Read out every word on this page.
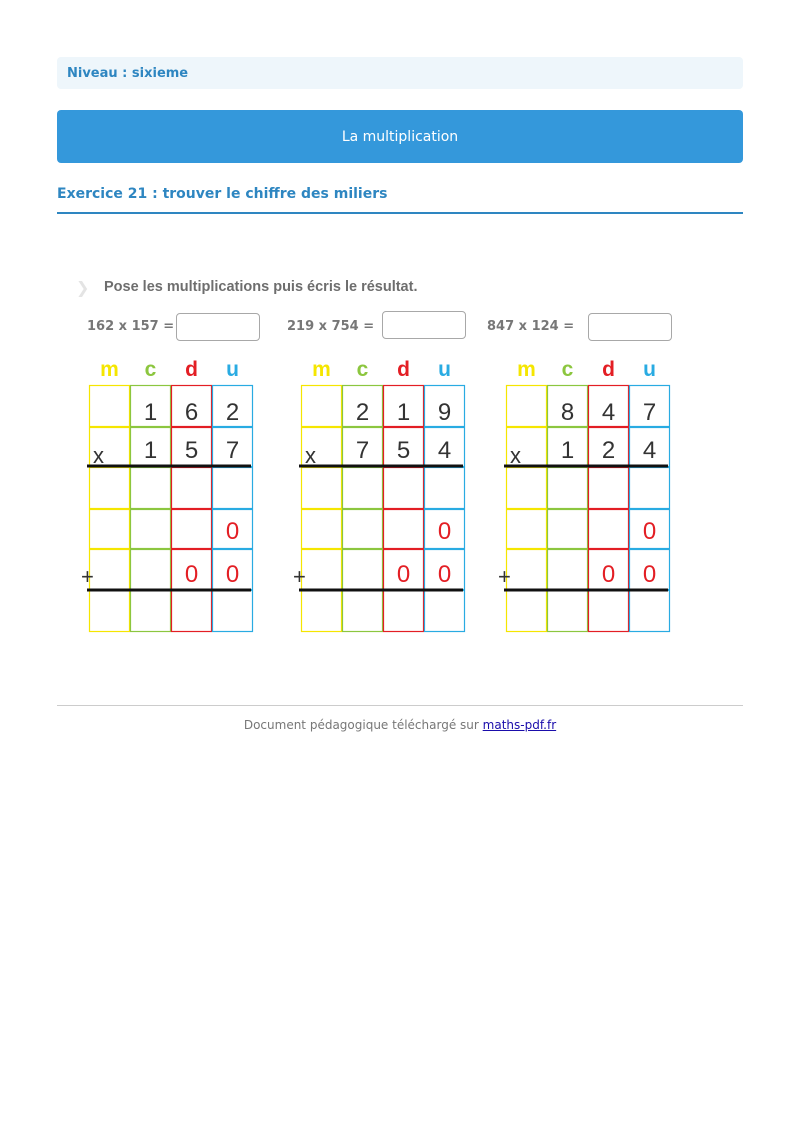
Niveau : sixieme
La multiplication
Exercice 21 : trouver le chiffre des miliers
❯ Pose les multiplications puis écris le résultat.
162 x 157 =	219 x 754 =	847 x 124 =
m c d u
1 6 2
1 5 7
0
0 0
x
+
m c d u
2 1 9
7 5 4
0
0 0
x
+
m c d u
8 4 7
1 2 4
0
0 0
x
+
Document pédagogique téléchargé sur maths-pdf.fr
